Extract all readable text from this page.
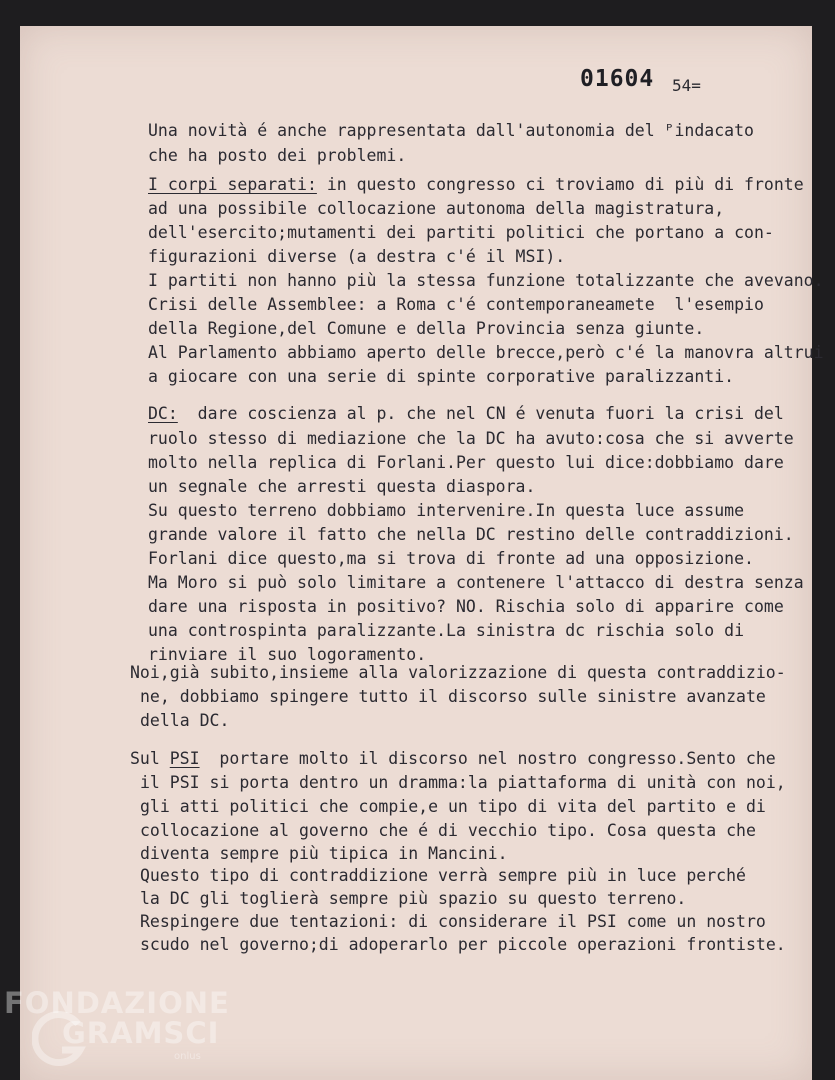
01604 54=
Una novità é anche rappresentata dall'autonomia del ᴾindacato
che ha posto dei problemi.
I corpi separati: in questo congresso ci troviamo di più di fronte
ad una possibile collocazione autonoma della magistratura,
dell'esercito;mutamenti dei partiti politici che portano a con-
figurazioni diverse (a destra c'é il MSI).
I partiti non hanno più la stessa funzione totalizzante che avevano.
Crisi delle Assemblee: a Roma c'é contemporaneamete  l'esempio
della Regione,del Comune e della Provincia senza giunte.
Al Parlamento abbiamo aperto delle brecce,però c'é la manovra altrui
a giocare con una serie di spinte corporative paralizzanti.
DC:  dare coscienza al p. che nel CN é venuta fuori la crisi del
ruolo stesso di mediazione che la DC ha avuto:cosa che si avverte
molto nella replica di Forlani.Per questo lui dice:dobbiamo dare
un segnale che arresti questa diaspora.
Su questo terreno dobbiamo intervenire.In questa luce assume
grande valore il fatto che nella DC restino delle contraddizioni.
Forlani dice questo,ma si trova di fronte ad una opposizione.
Ma Moro si può solo limitare a contenere l'attacco di destra senza
dare una risposta in positivo? NO. Rischia solo di apparire come
una controspinta paralizzante.La sinistra dc rischia solo di
rinviare il suo logoramento.
Noi,già subito,insieme alla valorizzazione di questa contraddizio-
ne, dobbiamo spingere tutto il discorso sulle sinistre avanzate
della DC.
Sul PSI  portare molto il discorso nel nostro congresso.Sento che
il PSI si porta dentro un dramma:la piattaforma di unità con noi,
gli atti politici che compie,e un tipo di vita del partito e di
collocazione al governo che é di vecchio tipo. Cosa questa che
diventa sempre più tipica in Mancini.
Questo tipo di contraddizione verrà sempre più in luce perché
la DC gli toglierà sempre più spazio su questo terreno.
Respingere due tentazioni: di considerare il PSI come un nostro
scudo nel governo;di adoperarlo per piccole operazioni frontiste.
FONDAZIONE
GRAMSCI
onlus
